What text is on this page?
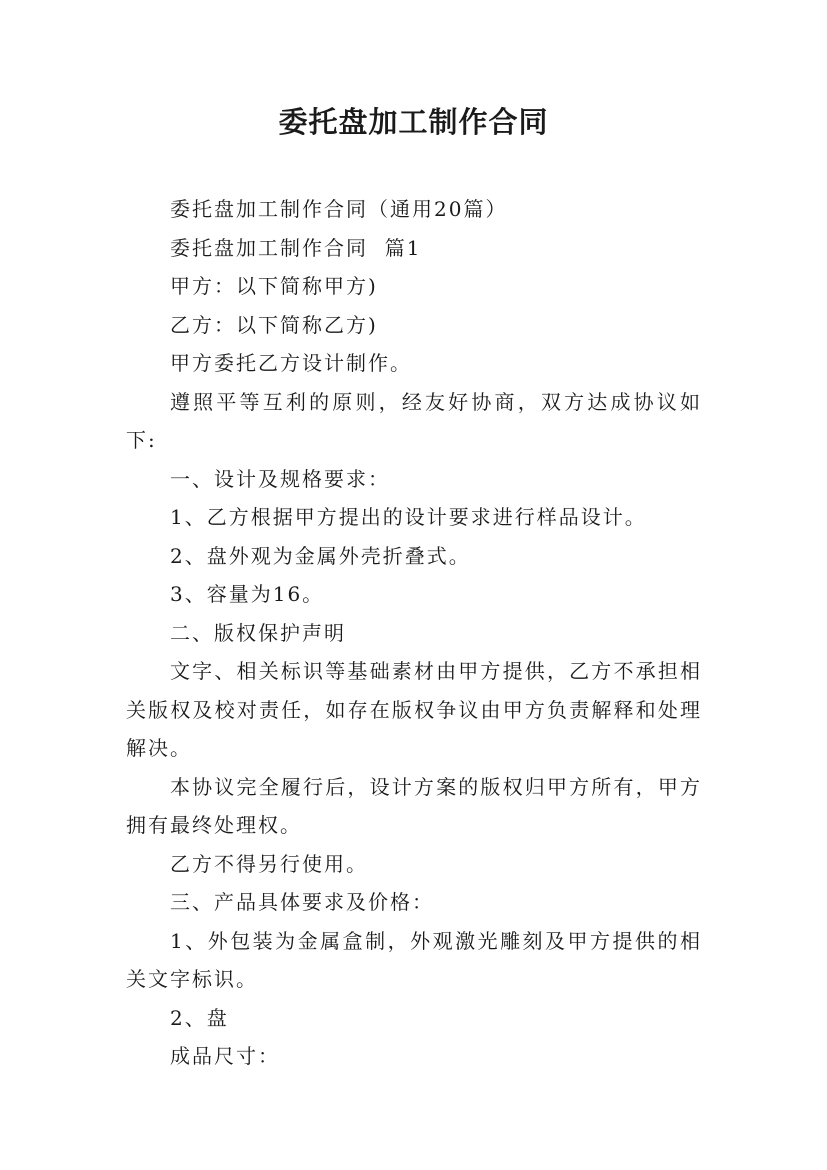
委托盘加工制作合同

委托盘加工制作合同（通用20篇）

委托盘加工制作合同  篇1

甲方：以下简称甲方)

乙方：以下简称乙方)

甲方委托乙方设计制作。

遵照平等互利的原则，经友好协商，双方达成协议如下:

一、设计及规格要求：

1、乙方根据甲方提出的设计要求进行样品设计。

2、盘外观为金属外壳折叠式。

3、容量为16。

二、版权保护声明

文字、相关标识等基础素材由甲方提供，乙方不承担相关版权及校对责任，如存在版权争议由甲方负责解释和处理解决。

本协议完全履行后，设计方案的版权归甲方所有，甲方拥有最终处理权。

乙方不得另行使用。

三、产品具体要求及价格：

1、外包装为金属盒制，外观激光雕刻及甲方提供的相关文字标识。

2、盘

成品尺寸：
